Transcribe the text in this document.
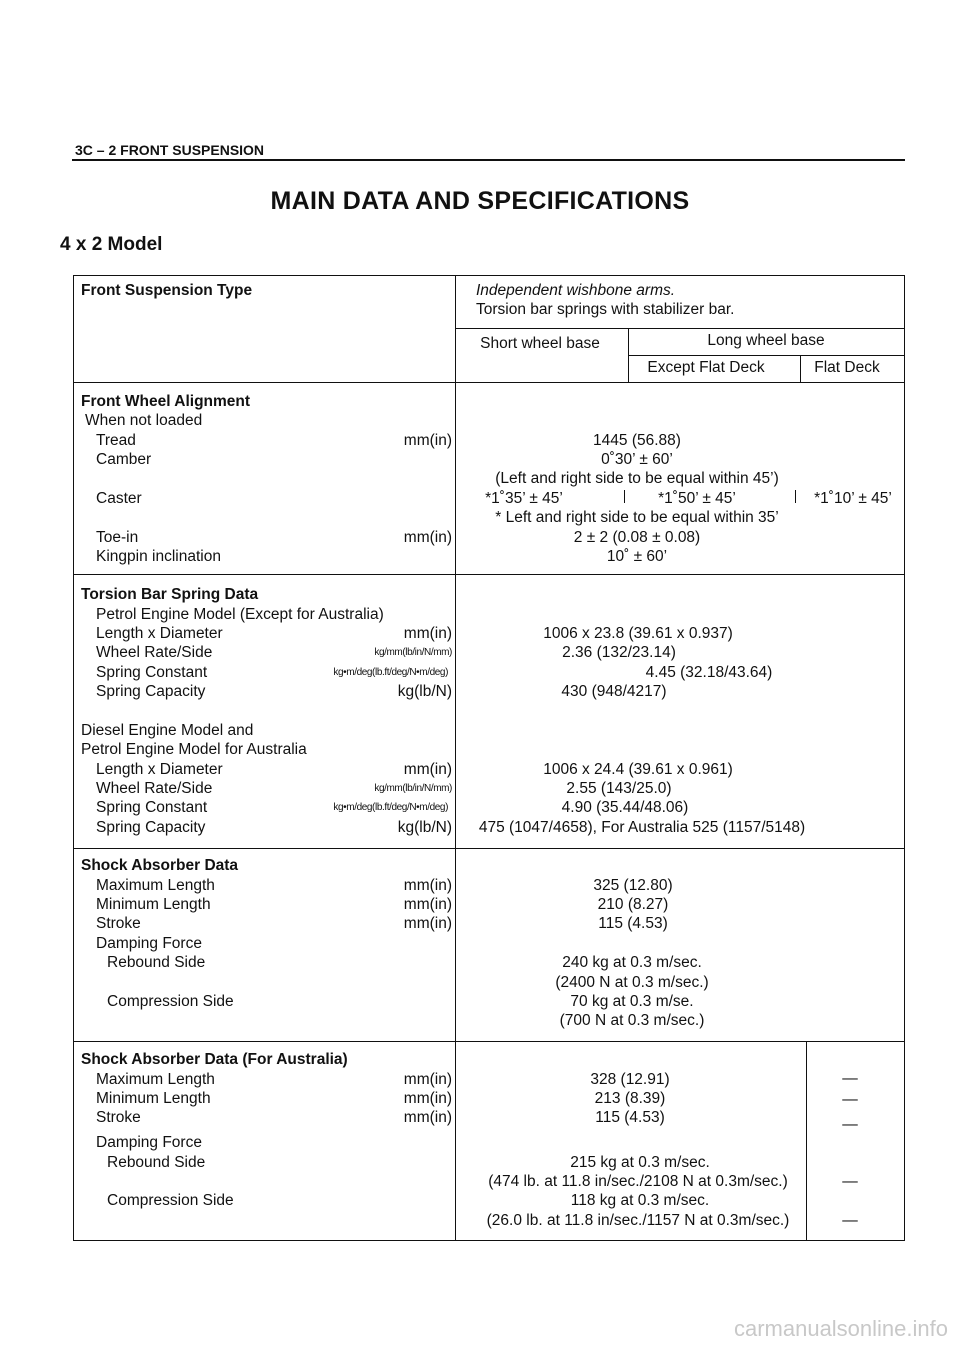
3C – 2 FRONT SUSPENSION
MAIN DATA AND SPECIFICATIONS
4 x 2 Model
Front Suspension Type	Independent wishbone arms.
Torsion bar springs with stabilizer bar.
Short wheel base	Long wheel base
Except Flat Deck	Flat Deck
Front Wheel Alignment
When not loaded
Tread	mm(in)	1445 (56.88)
Camber	0˚30’ ± 60’
(Left and right side to be equal within 45’)
Caster	*1˚35’ ± 45’	*1˚50’ ± 45’	*1˚10’ ± 45’
* Left and right side to be equal within 35’
Toe-in	mm(in)	2 ± 2 (0.08 ± 0.08)
Kingpin inclination	10˚ ± 60’
Torsion Bar Spring Data
Petrol Engine Model (Except for Australia)
Length x Diameter	mm(in)	1006 x 23.8 (39.61 x 0.937)
Wheel Rate/Side	kg/mm(lb/in/N/mm)	2.36 (132/23.14)
Spring Constant	kg•m/deg(lb.ft/deg/N•m/deg)	4.45 (32.18/43.64)
Spring Capacity	kg(lb/N)	430 (948/4217)
Diesel Engine Model and
Petrol Engine Model for Australia
Length x Diameter	mm(in)	1006 x 24.4 (39.61 x 0.961)
Wheel Rate/Side	kg/mm(lb/in/N/mm)	2.55 (143/25.0)
Spring Constant	kg•m/deg(lb.ft/deg/N•m/deg)	4.90 (35.44/48.06)
Spring Capacity	kg(lb/N) 475 (1047/4658), For Australia 525 (1157/5148)
Shock Absorber Data
Maximum Length	mm(in)	325 (12.80)
Minimum Length	mm(in)	210 (8.27)
Stroke	mm(in)	115 (4.53)
Damping Force
Rebound Side	240 kg at 0.3 m/sec.
(2400 N at 0.3 m/sec.)
Compression Side	70 kg at 0.3 m/se.
(700 N at 0.3 m/sec.)
Shock Absorber Data (For Australia)
Maximum Length	mm(in)	328 (12.91)	—
Minimum Length	mm(in)	213 (8.39)	—
Stroke	mm(in)	115 (4.53)	—
Damping Force
Rebound Side	215 kg at 0.3 m/sec.
(474 lb. at 11.8 in/sec./2108 N at 0.3m/sec.)	—
Compression Side	118 kg at 0.3 m/sec.
(26.0 lb. at 11.8 in/sec./1157 N at 0.3m/sec.)	—
carmanualsonline.info
